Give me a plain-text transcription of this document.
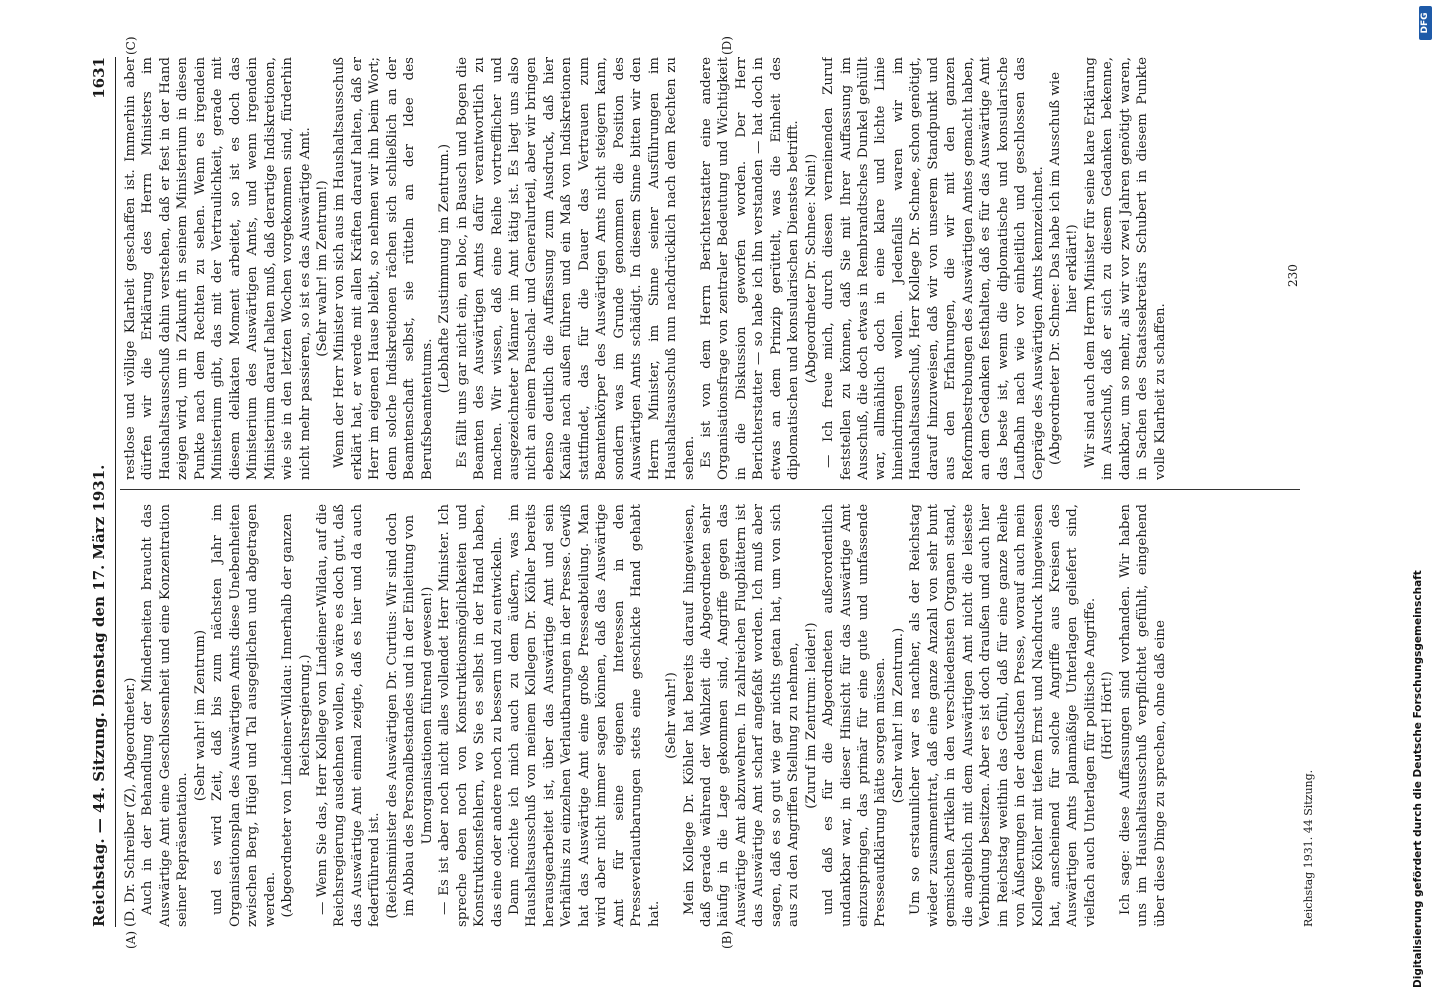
Reichstag. — 44. Sitzung. Dienstag den 17. März 1931.
1631
(A)	(B)
(C)	(D)

(D. Dr. Schreiber (Z), Abgeordneter.) Auch in der Behandlung der Minderheiten braucht das Auswärtige Amt eine Geschlossenheit und eine Konzentration seiner Repräsentation.

(Sehr wahr! im Zentrum) und es wird Zeit, daß bis zum nächsten Jahr im Organisationsplan des Auswärtigen Amts diese Unebenheiten zwischen Berg, Hügel und Tal ausgeglichen und abgetragen werden. (Abgeordneter von Lindeiner-Wildau: Innerhalb der ganzen Reichsregierung.) — Wenn Sie das, Herr Kollege von Lindeiner-Wildau, auf die Reichsregierung ausdehnen wollen, so wäre es doch gut, daß das Auswärtige Amt einmal zeigte, daß es hier und da auch federführend ist. (Reichsminister des Auswärtigen Dr. Curtius: Wir sind doch im Abbau des Personalbestandes und in der Einleitung von Umorganisationen führend gewesen!) — Es ist aber noch nicht alles vollendet Herr Minister. Ich spreche eben noch von Konstruktionsmöglichkeiten und Konstruktionsfehlern, wo Sie es selbst in der Hand haben, das eine oder andere noch zu bessern und zu entwickeln. Dann möchte ich mich auch zu dem äußern, was im Haushaltsausschuß von meinem Kollegen Dr. Köhler bereits herausgearbeitet ist, über das Auswärtige Amt und sein Verhältnis zu einzelnen Verlautbarungen in der Presse. Gewiß hat das Auswärtige Amt eine große Presseabteilung. Man wird aber nicht immer sagen können, daß das Auswärtige Amt für seine eigenen Interessen in den Presseverlautbarungen stets eine geschickte Hand gehabt hat.

(Sehr wahr!) Mein Kollege Dr. Köhler hat bereits darauf hingewiesen, daß gerade während der Wahlzeit die Abgeordneten sehr häufig in die Lage gekommen sind, Angriffe gegen das Auswärtige Amt abzuwehren. In zahlreichen Flugblättern ist das Auswärtige Amt scharf angefaßt worden. Ich muß aber sagen, daß es so gut wie gar nichts getan hat, um von sich aus zu den Angriffen Stellung zu nehmen, (Zuruf im Zentrum: leider!) und daß es für die Abgeordneten außerordentlich undankbar war, in dieser Hinsicht für das Auswärtige Amt einzuspringen, das primär für eine gute und umfassende Presseaufklärung hätte sorgen müssen. (Sehr wahr! im Zentrum.) Um so erstaunlicher war es nachher, als der Reichstag wieder zusammentrat, daß eine ganze Anzahl von sehr bunt gemischten Artikeln in den verschiedensten Organen stand, die angeblich mit dem Auswärtigen Amt nicht die leiseste Verbindung besitzen. Aber es ist doch draußen und auch hier im Reichstag weithin das Gefühl, daß für eine ganze Reihe von Äußerungen in der deutschen Presse, worauf auch mein Kollege Köhler mit tiefem Ernst und Nachdruck hingewiesen hat, anscheinend für solche Angriffe aus Kreisen des Auswärtigen Amts planmäßige Unterlagen geliefert sind, vielfach auch Unterlagen für politische Angriffe. (Hört! Hört!) Ich sage: diese Auffassungen sind vorhanden. Wir haben uns im Haushaltsausschuß verpflichtet gefühlt, eingehend über diese Dinge zu sprechen, ohne daß eine

restlose und völlige Klarheit geschaffen ist. Immerhin aber dürfen wir die Erklärung des Herrn Ministers im Haushaltsausschuß dahin verstehen, daß er fest in der Hand zeigen wird, um in Zukunft in seinem Ministerium in diesen Punkte nach dem Rechten zu sehen. Wenn es irgendein Ministerium gibt, das mit der Vertraulichkeit, gerade mit diesem delikaten Moment arbeitet, so ist es doch das Ministerium des Auswärtigen Amts, und wenn irgendein Ministerium darauf halten muß, daß derartige Indiskretionen, wie sie in den letzten Wochen vorgekommen sind, fürderhin nicht mehr passieren, so ist es das Auswärtige Amt. (Sehr wahr! im Zentrum!) Wenn der Herr Minister von sich aus im Haushaltsausschuß erklärt hat, er werde mit allen Kräften darauf halten, daß er Herr im eigenen Hause bleibt, so nehmen wir ihn beim Wort; denn solche Indiskretionen rächen sich schließlich an der Beamtenschaft selbst, sie rütteln an der Idee des Berufsbeamtentums.

(Lebhafte Zustimmung im Zentrum.) Es fällt uns gar nicht ein, en bloc, in Bausch und Bogen die Beamten des Auswärtigen Amts dafür verantwortlich zu machen. Wir wissen, daß eine Reihe vortrefflicher und ausgezeichneter Männer im Amt tätig ist. Es liegt uns also nicht an einem Pauschal- und Generalurteil, aber wir bringen ebenso deutlich die Auffassung zum Ausdruck, daß hier Kanäle nach außen führen und ein Maß von Indiskretionen stattfindet, das für die Dauer das Vertrauen zum Beamtenkörper des Auswärtigen Amts nicht steigern kann, sondern was im Grunde genommen die Position des Auswärtigen Amts schädigt. In diesem Sinne bitten wir den Herrn Minister, im Sinne seiner Ausführungen im Haushaltsausschuß nun nachdrücklich nach dem Rechten zu sehen. Es ist von dem Herrn Berichterstatter eine andere Organisationsfrage von zentraler Bedeutung und Wichtigkeit in die Diskussion geworfen worden. Der Herr Berichterstatter — so habe ich ihn verstanden — hat doch in etwas an dem Prinzip gerüttelt, was die Einheit des diplomatischen und konsularischen Dienstes betrifft. (Abgeordneter Dr. Schnee: Nein!) — Ich freue mich, durch diesen verneinenden Zuruf feststellen zu können, daß Sie mit Ihrer Auffassung im Ausschuß, die doch etwas in Rembrandtsches Dunkel gehüllt war, allmählich doch in eine klare und lichte Linie hineindringen wollen. Jedenfalls waren wir im Haushaltsausschuß, Herr Kollege Dr. Schnee, schon genötigt, darauf hinzuweisen, daß wir von unserem Standpunkt und aus den Erfahrungen, die wir mit den ganzen Reformbestrebungen des Auswärtigen Amtes gemacht haben, an dem Gedanken festhalten, daß es für das Auswärtige Amt das beste ist, wenn die diplomatische und konsularische Laufbahn nach wie vor einheitlich und geschlossen das Gepräge des Auswärtigen Amts kennzeichnet. (Abgeordneter Dr. Schnee: Das habe ich im Ausschuß wie hier erklärt!) Wir sind auch dem Herrn Minister für seine klare Erklärung im Ausschuß, daß er sich zu diesem Gedanken bekenne, dankbar, um so mehr, als wir vor zwei Jahren genötigt waren, in Sachen des Staatssekretärs Schubert in diesem Punkte volle Klarheit zu schaffen.

Reichstag 1931. 44 Sitzung.
230
Digitalisierung gefördert durch die Deutsche Forschungsgemeinschaft
DFG
